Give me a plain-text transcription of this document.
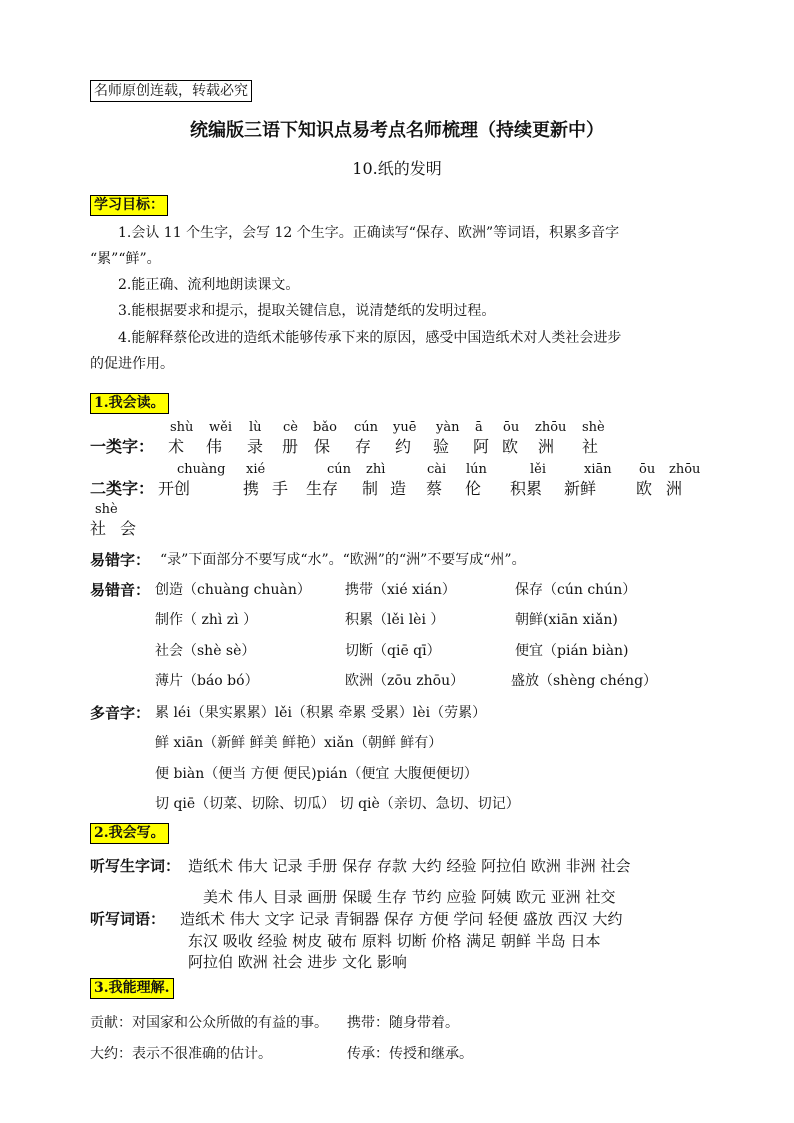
名师原创连载，转载必究
统编版三语下知识点易考点名师梳理（持续更新中）
10.纸的发明
学习目标：
1.会认 11 个生字，会写 12 个生字。正确读写“保存、欧洲”等词语，积累多音字
“累”“鲜”。
2.能正确、流利地朗读课文。
3.能根据要求和提示，提取关键信息，说清楚纸的发明过程。
4.能解释蔡伦改进的造纸术能够传承下来的原因，感受中国造纸术对人类社会进步
的促进作用。
1.我会读。
一类字：
shù wěi lù cè bǎo cún yuē yàn ā ōu zhōu shè
术 伟 录 册 保 存 约 验 阿 欧 洲 社
二类字：
chuàng xié	cún zhì	cài lún	lěi	xiān ōu zhōu
开创	携 手 生存 制 造 蔡 伦 积累 新鲜 欧 洲
shè
社 会
易错字： “录”下面部分不要写成“水”。“欧洲”的“洲”不要写成“州”。
易错音： 创造（chuàng chuàn） 携带（xié xián）	保存（cún chún）
制作（ zhì zì ）	积累（lěi lèi ）	朝鲜(xiān xiǎn)
社会（shè sè）	切断（qiē qī）	便宜（pián biàn)
薄片（báo bó）	欧洲（zōu zhōu）	盛放（shèng chéng）
多音字： 累 léi（果实累累）lěi（积累 牵累 受累）lèi（劳累）
鲜 xiān（新鲜 鲜美 鲜艳）xiǎn（朝鲜 鲜有）
便 biàn（便当 方便 便民)pián（便宜 大腹便便切）
切 qiē（切菜、切除、切瓜） 切 qiè（亲切、急切、切记）
2.我会写。
听写生字词： 造纸术 伟大 记录 手册 保存 存款 大约 经验 阿拉伯 欧洲 非洲 社会
美术 伟人 目录 画册 保暖 生存 节约 应验 阿姨 欧元 亚洲 社交
听写词语： 造纸术 伟大 文字 记录 青铜器 保存 方便 学问 轻便 盛放 西汉 大约
东汉 吸收 经验 树皮 破布 原料 切断 价格 满足 朝鲜 半岛 日本
阿拉伯 欧洲 社会 进步 文化 影响
3.我能理解.
贡献：对国家和公众所做的有益的事。 携带：随身带着。
大约：表示不很准确的估计。	传承：传授和继承。
